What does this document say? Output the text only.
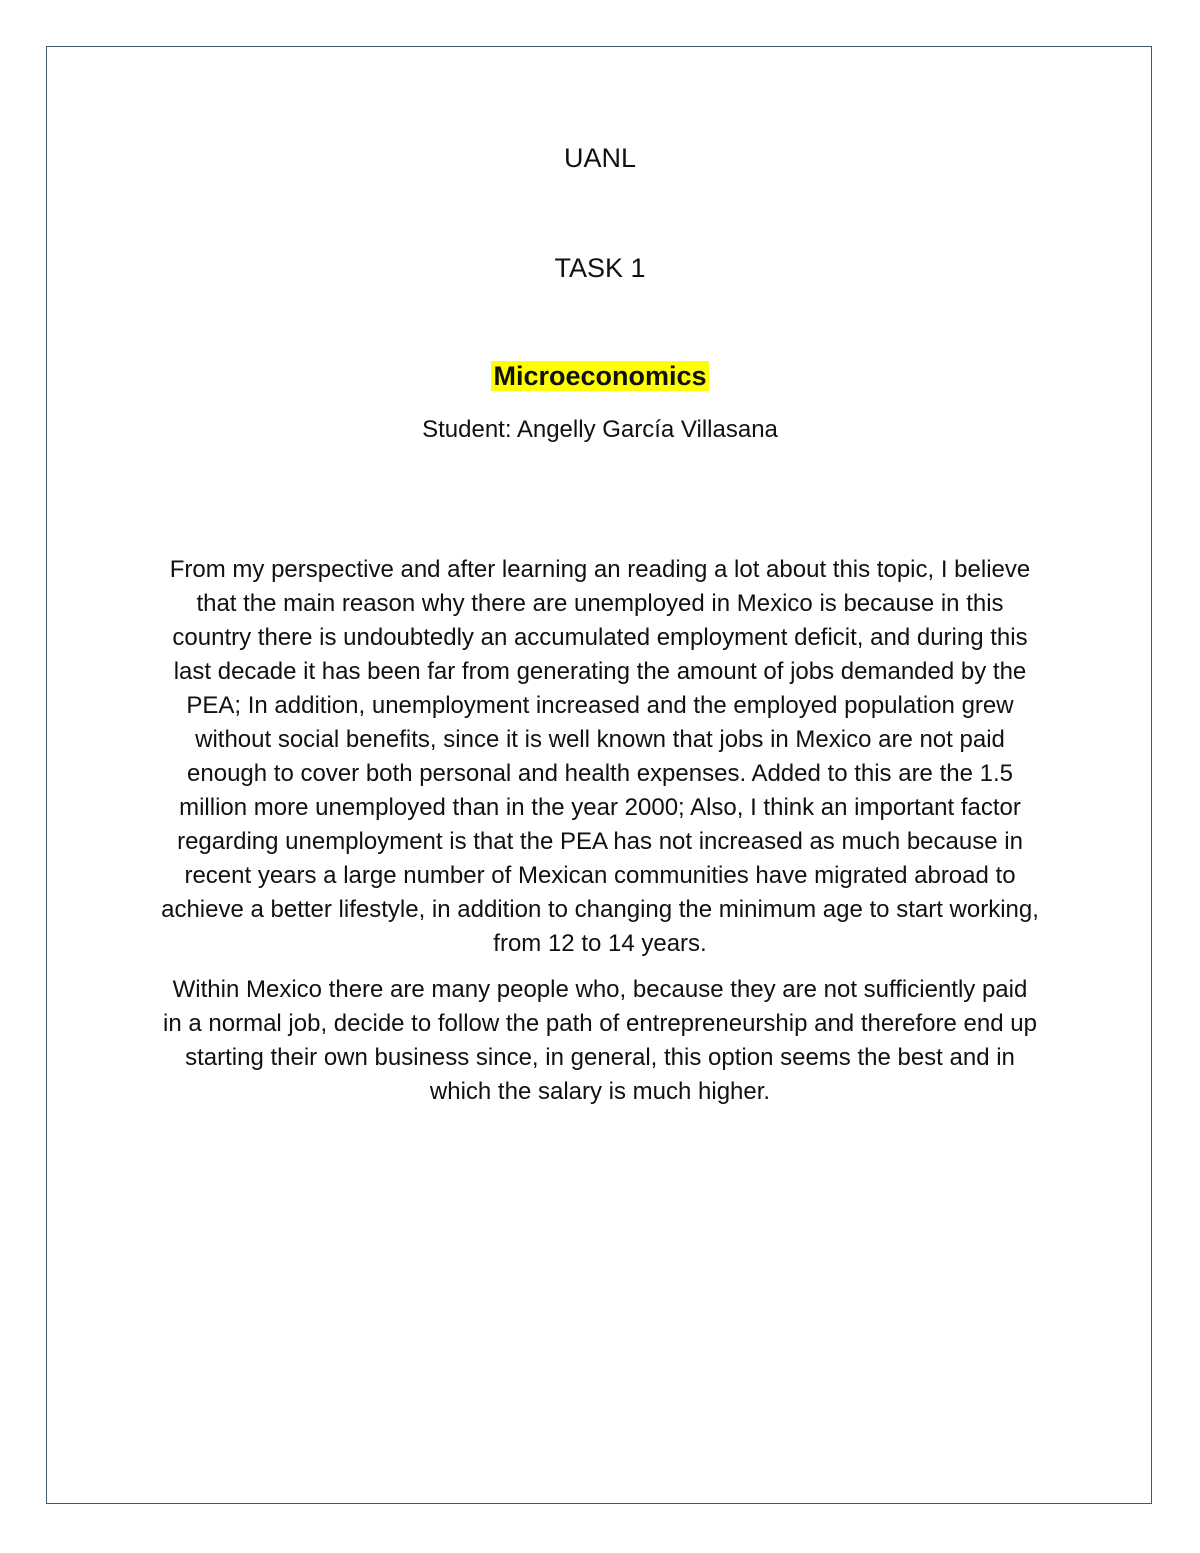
UANL
TASK 1
Microeconomics
Student: Angelly García Villasana

From my perspective and after learning an reading a lot about this topic, I believe that the main reason why there are unemployed in Mexico is because in this country there is undoubtedly an accumulated employment deficit, and during this last decade it has been far from generating the amount of jobs demanded by the PEA; In addition, unemployment increased and the employed population grew without social benefits, since it is well known that jobs in Mexico are not paid enough to cover both personal and health expenses. Added to this are the 1.5 million more unemployed than in the year 2000; Also, I think an important factor regarding unemployment is that the PEA has not increased as much because in recent years a large number of Mexican communities have migrated abroad to achieve a better lifestyle, in addition to changing the minimum age to start working, from 12 to 14 years.

Within Mexico there are many people who, because they are not sufficiently paid in a normal job, decide to follow the path of entrepreneurship and therefore end up starting their own business since, in general, this option seems the best and in which the salary is much higher.
